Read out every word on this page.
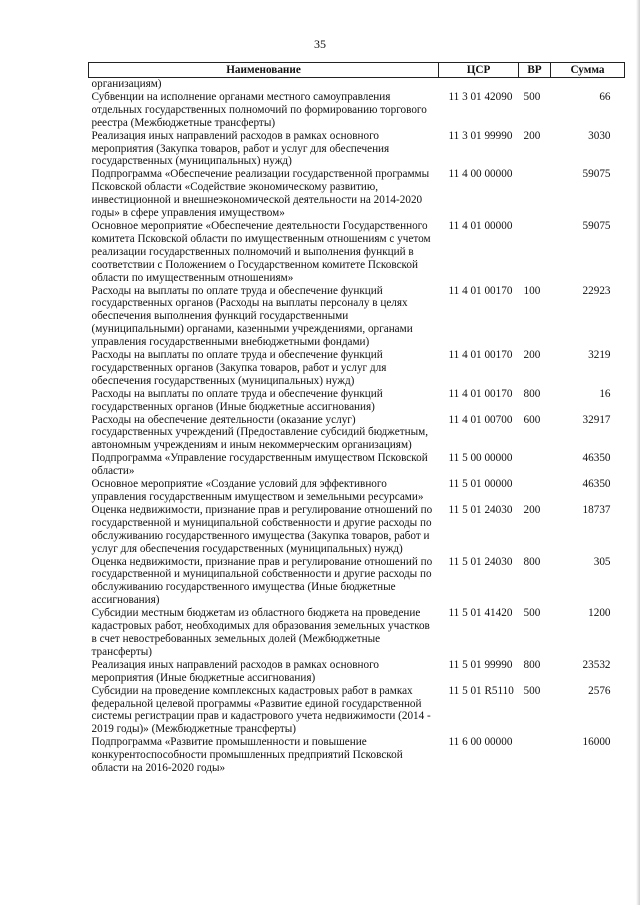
35
Наименование	ЦСР	ВР	Сумма
организациям)			
Субвенции на исполнение органами местного самоуправления отдельных государственных полномочий по формированию торгового реестра (Межбюджетные трансферты)	11 3 01 42090	500	66
Реализация иных направлений расходов в рамках основного мероприятия (Закупка товаров, работ и услуг для обеспечения государственных (муниципальных) нужд)	11 3 01 99990	200	3030
Подпрограмма «Обеспечение реализации государственной программы Псковской области «Содействие экономическому развитию, инвестиционной и внешнеэкономической деятельности на 2014-2020 годы» в сфере управления имуществом»	11 4 00 00000		59075
Основное мероприятие «Обеспечение деятельности Государственного комитета Псковской области по имущественным отношениям с учетом реализации государственных полномочий и выполнения функций в соответствии с Положением о Государственном комитете Псковской области по имущественным отношениям»	11 4 01 00000		59075
Расходы на выплаты по оплате труда и обеспечение функций государственных органов (Расходы на выплаты персоналу в целях обеспечения выполнения функций государственными (муниципальными) органами, казенными учреждениями, органами управления государственными внебюджетными фондами)	11 4 01 00170	100	22923
Расходы на выплаты по оплате труда и обеспечение функций государственных органов (Закупка товаров, работ и услуг для обеспечения государственных (муниципальных) нужд)	11 4 01 00170	200	3219
Расходы на выплаты по оплате труда и обеспечение функций государственных органов (Иные бюджетные ассигнования)	11 4 01 00170	800	16
Расходы на обеспечение деятельности (оказание услуг) государственных учреждений (Предоставление субсидий бюджетным, автономным учреждениям и иным некоммерческим организациям)	11 4 01 00700	600	32917
Подпрограмма «Управление государственным имуществом Псковской области»	11 5 00 00000		46350
Основное мероприятие «Создание условий для эффективного управления государственным имуществом и земельными ресурсами»	11 5 01 00000		46350
Оценка недвижимости, признание прав и регулирование отношений по государственной и муниципальной собственности и другие расходы по обслуживанию государственного имущества (Закупка товаров, работ и услуг для обеспечения государственных (муниципальных) нужд)	11 5 01 24030	200	18737
Оценка недвижимости, признание прав и регулирование отношений по государственной и муниципальной собственности и другие расходы по обслуживанию государственного имущества (Иные бюджетные ассигнования)	11 5 01 24030	800	305
Субсидии местным бюджетам из областного бюджета на проведение кадастровых работ, необходимых для образования земельных участков в счет невостребованных земельных долей (Межбюджетные трансферты)	11 5 01 41420	500	1200
Реализация иных направлений расходов в рамках основного мероприятия (Иные бюджетные ассигнования)	11 5 01 99990	800	23532
Субсидии на проведение комплексных кадастровых работ в рамках федеральной целевой программы «Развитие единой государственной системы регистрации прав и кадастрового учета недвижимости (2014 - 2019 годы)» (Межбюджетные трансферты)	11 5 01 R5110	500	2576
Подпрограмма «Развитие промышленности и повышение конкурентоспособности промышленных предприятий Псковской области на 2016-2020 годы»	11 6 00 00000		16000
